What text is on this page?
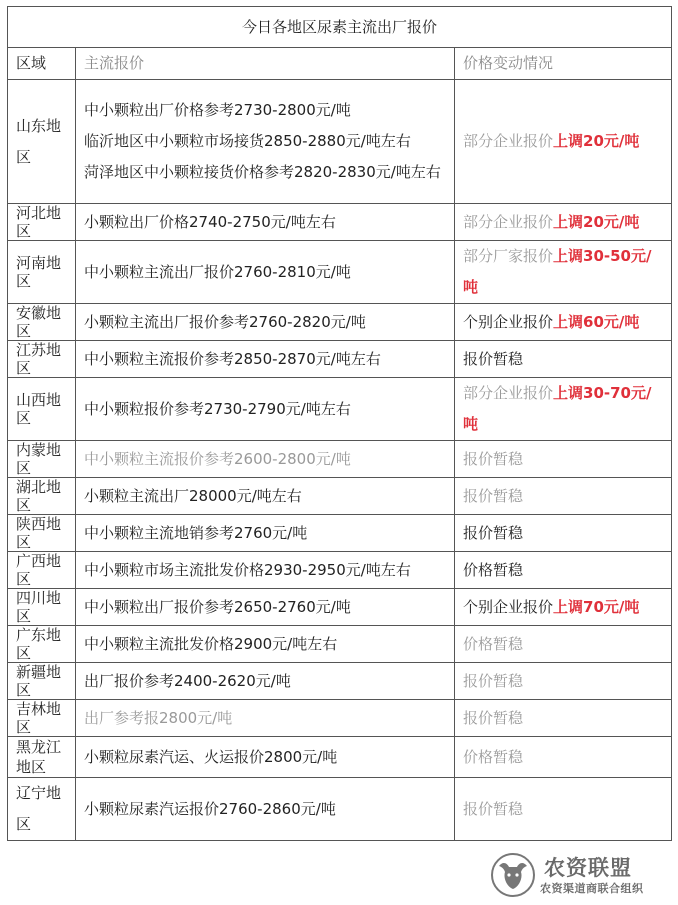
今日各地区尿素主流出厂报价		
区域	主流报价	价格变动情况
山东地区	中小颗粒出厂价格参考2730-2800元/吨
临沂地区中小颗粒市场接货2850-2880元/吨左右
菏泽地区中小颗粒接货价格参考2820-2830元/吨左右	部分企业报价上调20元/吨
河北地区	小颗粒出厂价格2740-2750元/吨左右	部分企业报价上调20元/吨
河南地区	中小颗粒主流出厂报价2760-2810元/吨	部分厂家报价上调30-50元/吨
安徽地区	小颗粒主流出厂报价参考2760-2820元/吨	个别企业报价上调60元/吨
江苏地区	中小颗粒主流报价参考2850-2870元/吨左右	报价暂稳
山西地区	中小颗粒报价参考2730-2790元/吨左右	部分企业报价上调30-70元/吨
内蒙地区	中小颗粒主流报价参考2600-2800元/吨	报价暂稳
湖北地区	小颗粒主流出厂28000元/吨左右	报价暂稳
陕西地区	中小颗粒主流地销参考2760元/吨	报价暂稳
广西地区	中小颗粒市场主流批发价格2930-2950元/吨左右	价格暂稳
四川地区	中小颗粒出厂报价参考2650-2760元/吨	个别企业报价上调70元/吨
广东地区	中小颗粒主流批发价格2900元/吨左右	价格暂稳
新疆地区	出厂报价参考2400-2620元/吨	报价暂稳
吉林地区	出厂参考报2800元/吨	报价暂稳
黑龙江地区	小颗粒尿素汽运、火运报价2800元/吨	价格暂稳
辽宁地区	小颗粒尿素汽运报价2760-2860元/吨	报价暂稳
农资联盟
农资渠道商联合组织
